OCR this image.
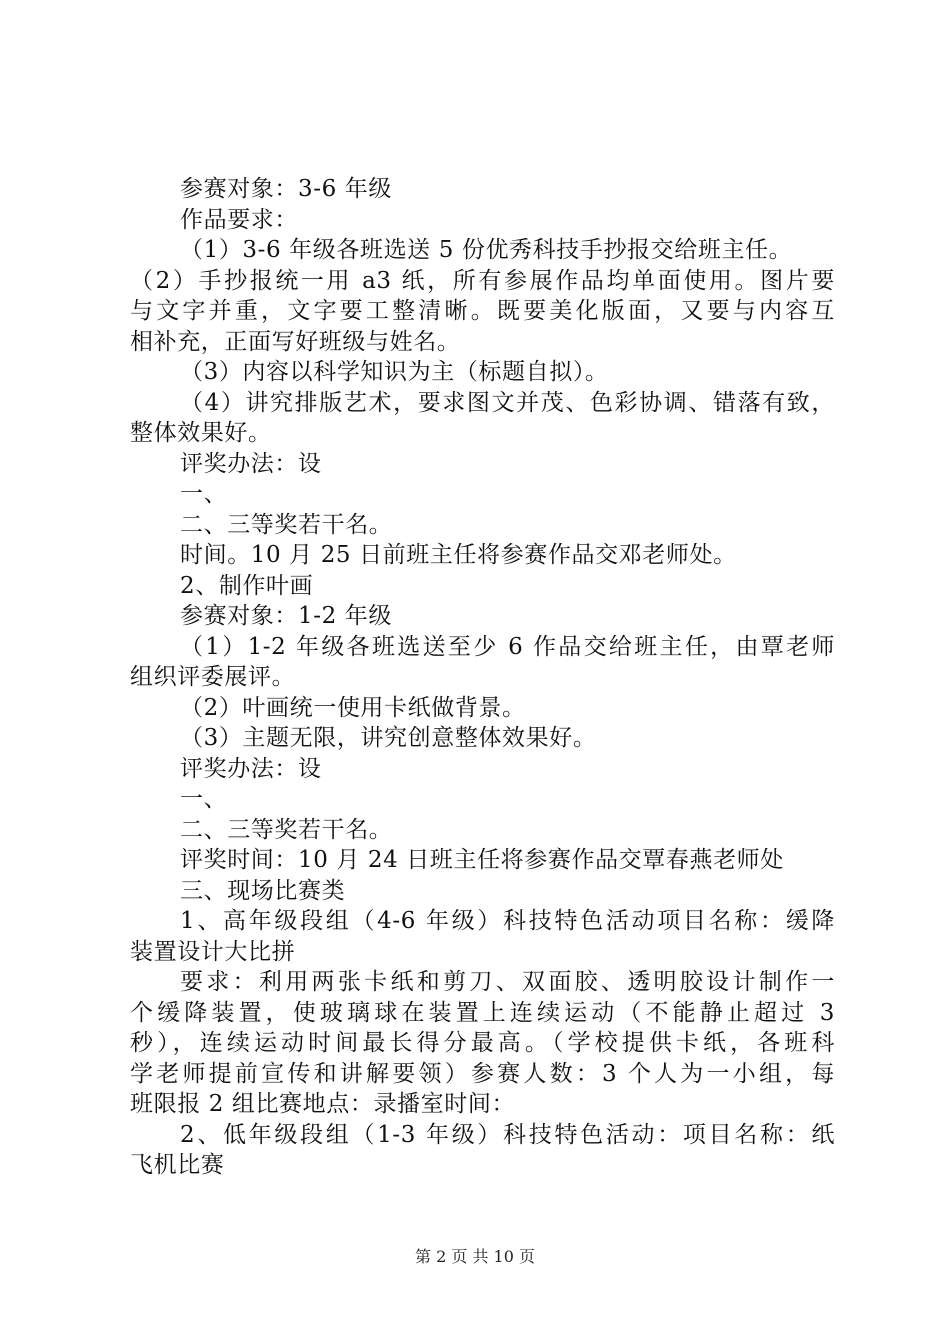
参赛对象：3-6 年级
作品要求：
（1）3-6 年级各班选送 5 份优秀科技手抄报交给班主任。
（2）手抄报统一用 a3 纸，所有参展作品均单面使用。图片要
与文字并重，文字要工整清晰。既要美化版面，又要与内容互
相补充，正面写好班级与姓名。
（3）内容以科学知识为主（标题自拟）。
（4）讲究排版艺术，要求图文并茂、色彩协调、错落有致，
整体效果好。
评奖办法：设
一、
二、三等奖若干名。
时间。10 月 25 日前班主任将参赛作品交邓老师处。
2、制作叶画
参赛对象：1-2 年级
（1）1-2 年级各班选送至少 6 作品交给班主任，由覃老师
组织评委展评。
（2）叶画统一使用卡纸做背景。
（3）主题无限，讲究创意整体效果好。
评奖办法：设
一、
二、三等奖若干名。
评奖时间：10 月 24 日班主任将参赛作品交覃春燕老师处
三、现场比赛类
1、高年级段组（4-6 年级）科技特色活动项目名称：缓降
装置设计大比拼
要求：利用两张卡纸和剪刀、双面胶、透明胶设计制作一
个缓降装置，使玻璃球在装置上连续运动（不能静止超过 3
秒），连续运动时间最长得分最高。（学校提供卡纸，各班科
学老师提前宣传和讲解要领）参赛人数：3 个人为一小组，每
班限报 2 组比赛地点：录播室时间：
2、低年级段组（1-3 年级）科技特色活动：项目名称：纸
飞机比赛
第 2 页 共 10 页
